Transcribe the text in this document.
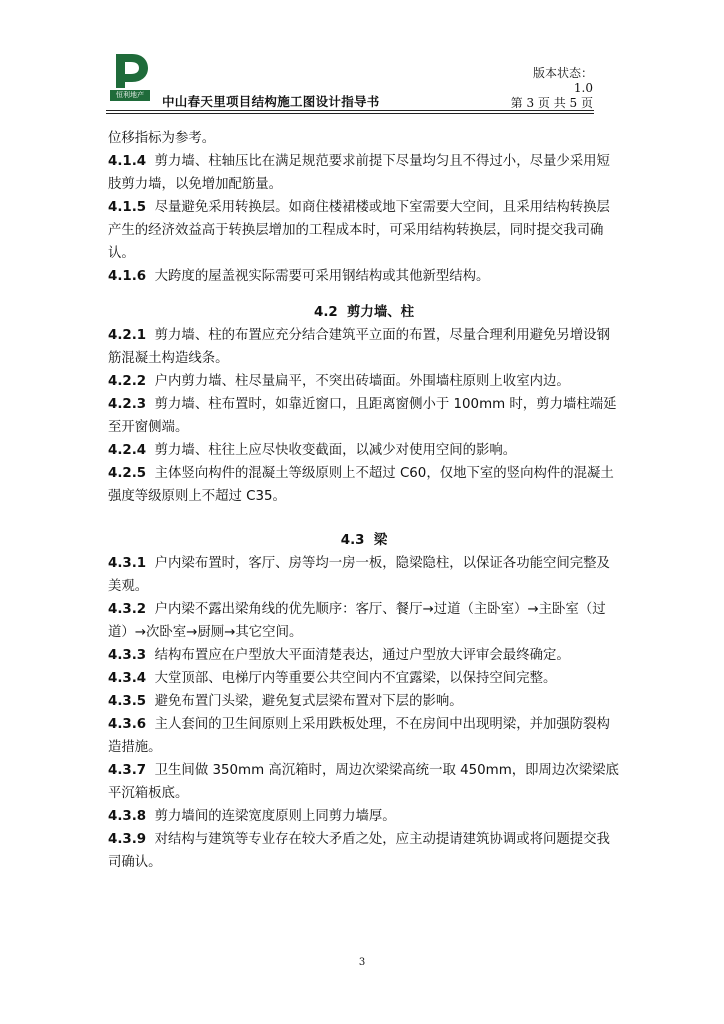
恒利地产	中山春天里项目结构施工图设计指导书
版本状态：
1.0
第 3 页 共 5 页

位移指标为参考。

4.1.4 剪力墙、柱轴压比在满足规范要求前提下尽量均匀且不得过小，尽量少采用短肢剪力墙，以免增加配筋量。

4.1.5 尽量避免采用转换层。如商住楼裙楼或地下室需要大空间，且采用结构转换层产生的经济效益高于转换层增加的工程成本时，可采用结构转换层，同时提交我司确认。

4.1.6 大跨度的屋盖视实际需要可采用钢结构或其他新型结构。

4.2  剪力墙、柱

4.2.1 剪力墙、柱的布置应充分结合建筑平立面的布置，尽量合理利用避免另增设钢筋混凝土构造线条。

4.2.2 户内剪力墙、柱尽量扁平，不突出砖墙面。外围墙柱原则上收室内边。

4.2.3 剪力墙、柱布置时，如靠近窗口，且距离窗侧小于 100mm 时，剪力墙柱端延至开窗侧端。

4.2.4 剪力墙、柱往上应尽快收变截面，以减少对使用空间的影响。

4.2.5 主体竖向构件的混凝土等级原则上不超过 C60，仅地下室的竖向构件的混凝土强度等级原则上不超过 C35。

4.3  梁

4.3.1 户内梁布置时，客厅、房等均一房一板，隐梁隐柱，以保证各功能空间完整及美观。

4.3.2 户内梁不露出梁角线的优先顺序：客厅、餐厅→过道（主卧室）→主卧室（过道）→次卧室→厨厕→其它空间。

4.3.3 结构布置应在户型放大平面清楚表达，通过户型放大评审会最终确定。

4.3.4 大堂顶部、电梯厅内等重要公共空间内不宜露梁，以保持空间完整。

4.3.5 避免布置门头梁，避免复式层梁布置对下层的影响。

4.3.6 主人套间的卫生间原则上采用跌板处理，不在房间中出现明梁，并加强防裂构造措施。

4.3.7 卫生间做 350mm 高沉箱时，周边次梁梁高统一取 450mm，即周边次梁梁底平沉箱板底。

4.3.8 剪力墙间的连梁宽度原则上同剪力墙厚。

4.3.9 对结构与建筑等专业存在较大矛盾之处，应主动提请建筑协调或将问题提交我司确认。

3
